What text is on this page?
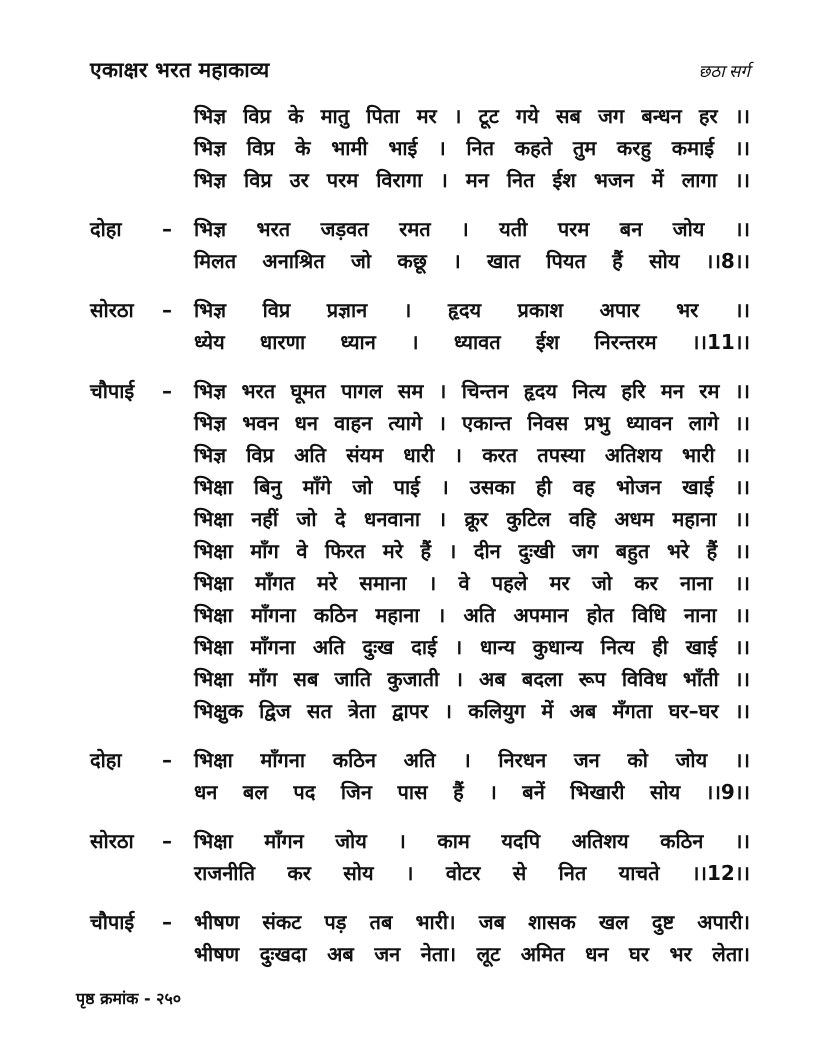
एकाक्षर भरत महाकाव्य	छठा सर्ग
भिज्ञ विप्र के मातु पिता मर । टूट गये सब जग बन्धन हर ।।
भिज्ञ विप्र के भामी भाई । नित कहते तुम करहु कमाई ।।
भिज्ञ विप्र उर परम विरागा । मन नित ईश भजन में लागा ।।
दोहा	–	भिज्ञ भरत जड़वत रमत । यती परम बन जोय ।।
मिलत अनाश्रित जो कछू । खात पियत हैं सोय ।।8।।
सोरठा	–	भिज्ञ विप्र प्रज्ञान । हृदय प्रकाश अपार भर ।।
ध्येय धारणा ध्यान । ध्यावत ईश निरन्तरम ।।11।।
चौपाई	–	भिज्ञ भरत घूमत पागल सम । चिन्तन हृदय नित्य हरि मन रम ।।
भिज्ञ भवन धन वाहन त्यागे । एकान्त निवस प्रभु ध्यावन लागे ।।
भिज्ञ विप्र अति संयम धारी । करत तपस्या अतिशय भारी ।।
भिक्षा बिनु माँगे जो पाई । उसका ही वह भोजन खाई ।।
भिक्षा नहीं जो दे धनवाना । क्रूर कुटिल वहि अधम महाना ।।
भिक्षा माँग वे फिरत मरे हैं । दीन दुःखी जग बहुत भरे हैं ।।
भिक्षा माँगत मरे समाना । वे पहले मर जो कर नाना ।।
भिक्षा माँगना कठिन महाना । अति अपमान होत विधि नाना ।।
भिक्षा माँगना अति दुःख दाई । धान्य कुधान्य नित्य ही खाई ।।
भिक्षा माँग सब जाति कुजाती । अब बदला रूप विविध भाँती ।।
भिक्षुक द्विज सत त्रेता द्वापर । कलियुग में अब मँगता घर–घर ।।
दोहा	–	भिक्षा माँगना कठिन अति । निरधन जन को जोय ।।
धन बल पद जिन पास हैं । बनें भिखारी सोय ।।9।।
सोरठा	–	भिक्षा माँगन जोय । काम यदपि अतिशय कठिन ।।
राजनीति कर सोय । वोटर से नित याचते ।।12।।
चौपाई	–	भीषण संकट पड़ तब भारी। जब शासक खल दुष्ट अपारी।
भीषण दुःखदा अब जन नेता। लूट अमित धन घर भर लेता।
पृष्ठ क्रमांक - २५०
